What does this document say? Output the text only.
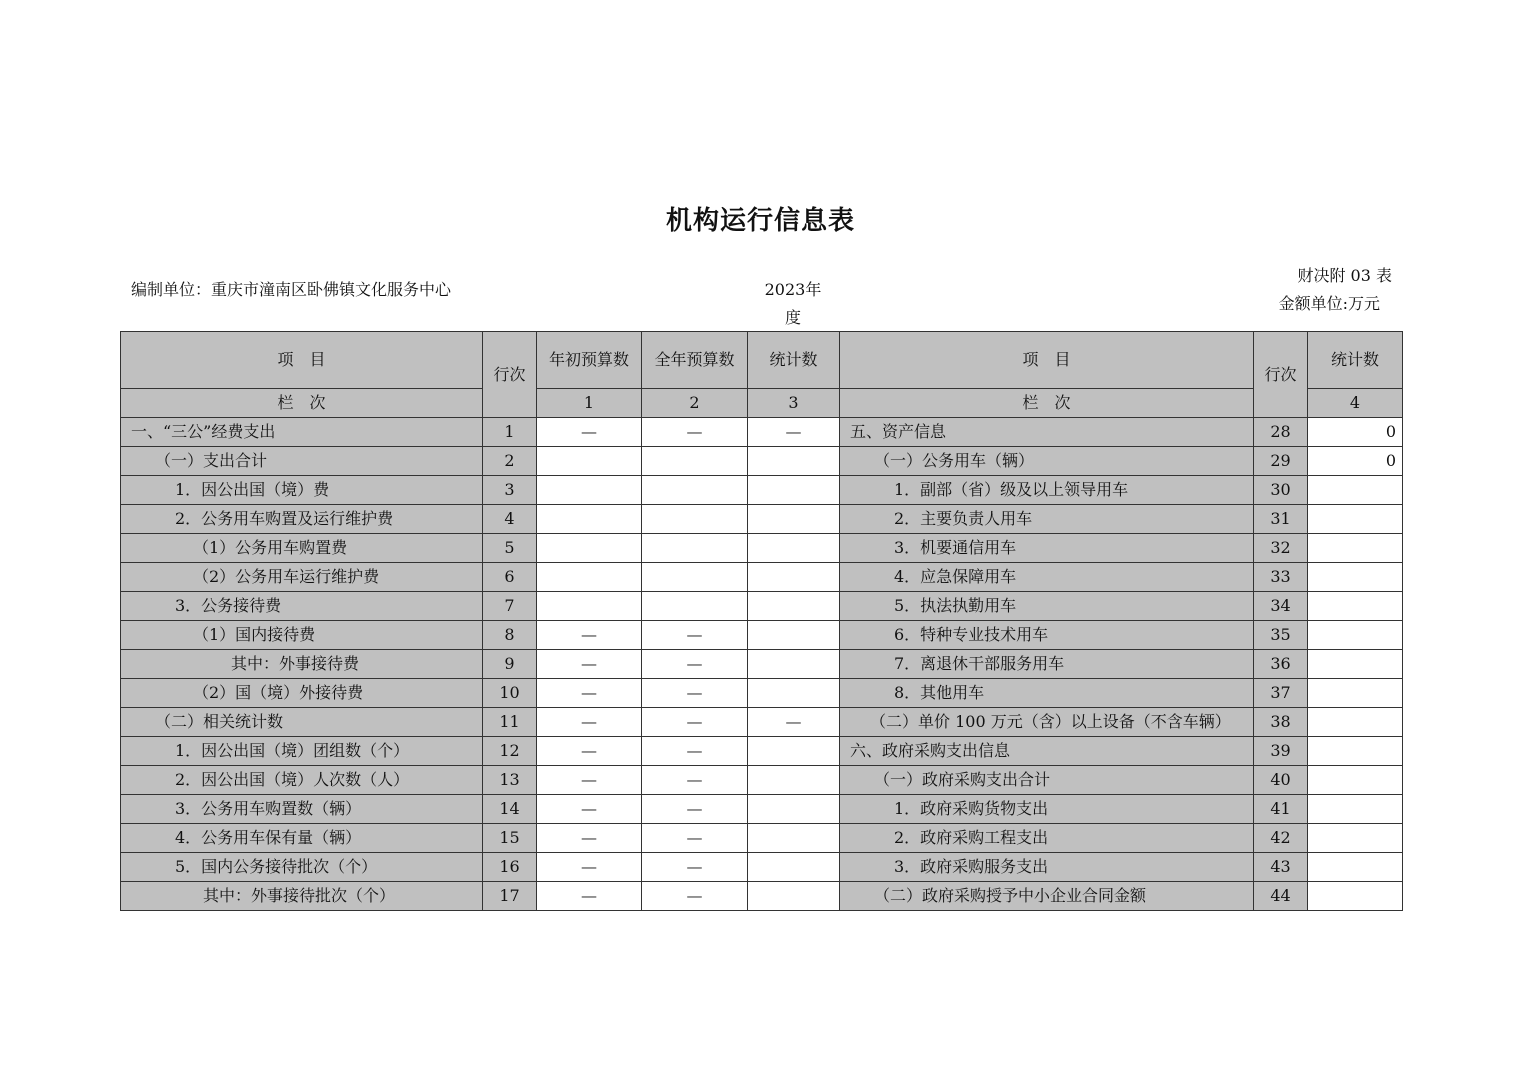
机构运行信息表
编制单位：重庆市潼南区卧佛镇文化服务中心	2023年度
财决附 03 表
金额单位:万元
项　目	行次	年初预算数	全年预算数	统计数	项　目	行次	统计数
栏　次		1	2	3	栏　次		4
一、“三公”经费支出	1	—	—	—	五、资产信息	28	0
（一）支出合计	2				（一）公务用车（辆）	29	0
1．因公出国（境）费	3				1．副部（省）级及以上领导用车	30	
2．公务用车购置及运行维护费	4				2．主要负责人用车	31	
（1）公务用车购置费	5				3．机要通信用车	32	
（2）公务用车运行维护费	6				4．应急保障用车	33	
3．公务接待费	7				5．执法执勤用车	34	
（1）国内接待费	8	—	—		6．特种专业技术用车	35	
其中：外事接待费	9	—	—		7．离退休干部服务用车	36	
（2）国（境）外接待费	10	—	—		8．其他用车	37	
（二）相关统计数	11	—	—	—	（二）单价 100 万元（含）以上设备（不含车辆）	38	
1．因公出国（境）团组数（个）	12	—	—		六、政府采购支出信息	39	
2．因公出国（境）人次数（人）	13	—	—		（一）政府采购支出合计	40	
3．公务用车购置数（辆）	14	—	—		1．政府采购货物支出	41	
4．公务用车保有量（辆）	15	—	—		2．政府采购工程支出	42	
5．国内公务接待批次（个）	16	—	—		3．政府采购服务支出	43	
其中：外事接待批次（个）	17	—	—		（二）政府采购授予中小企业合同金额	44	
